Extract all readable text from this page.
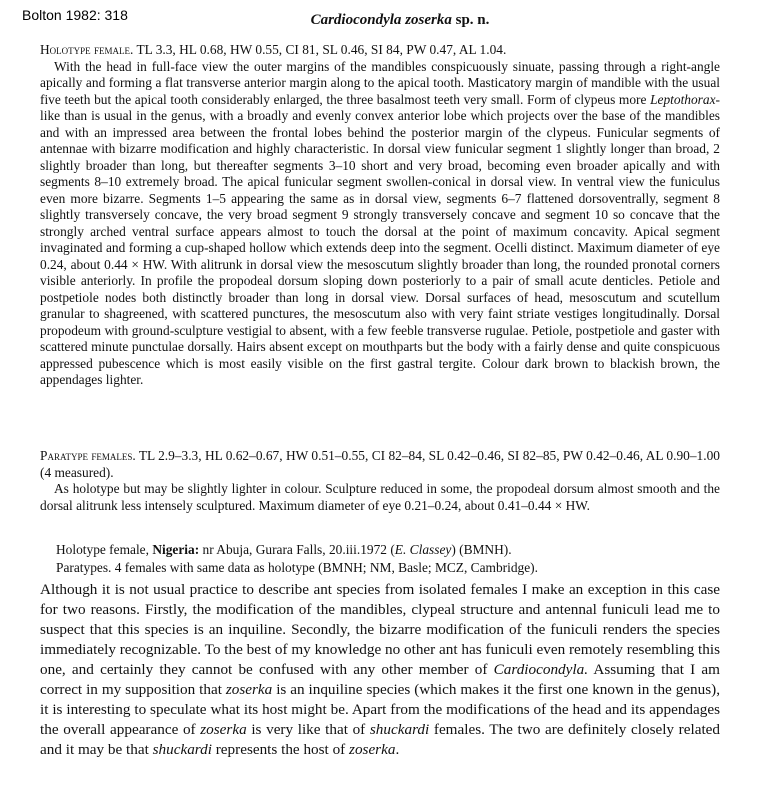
Bolton 1982: 318	Cardiocondyla zoserka sp. n.

Holotype female. TL 3.3, HL 0.68, HW 0.55, CI 81, SL 0.46, SI 84, PW 0.47, AL 1.04.

With the head in full-face view the outer margins of the mandibles conspicuously sinuate, passing through a right-angle apically and forming a flat transverse anterior margin along to the apical tooth. Masticatory margin of mandible with the usual five teeth but the apical tooth considerably enlarged, the three basalmost teeth very small. Form of clypeus more Leptothorax-like than is usual in the genus, with a broadly and evenly convex anterior lobe which projects over the base of the mandibles and with an impressed area between the frontal lobes behind the posterior margin of the clypeus. Funicular segments of antennae with bizarre modification and highly characteristic. In dorsal view funicular segment 1 slightly longer than broad, 2 slightly broader than long, but thereafter segments 3–10 short and very broad, becoming even broader apically and with segments 8–10 extremely broad. The apical funicular segment swollen-conical in dorsal view. In ventral view the funiculus even more bizarre. Segments 1–5 appearing the same as in dorsal view, segments 6–7 flattened dorsoventrally, segment 8 slightly transversely concave, the very broad segment 9 strongly transversely concave and segment 10 so concave that the strongly arched ventral surface appears almost to touch the dorsal at the point of maximum concavity. Apical segment invaginated and forming a cup-shaped hollow which extends deep into the segment. Ocelli distinct. Maximum diameter of eye 0.24, about 0.44 × HW. With alitrunk in dorsal view the mesoscutum slightly broader than long, the rounded pronotal corners visible anteriorly. In profile the propodeal dorsum sloping down posteriorly to a pair of small acute denticles. Petiole and postpetiole nodes both distinctly broader than long in dorsal view. Dorsal surfaces of head, mesoscutum and scutellum granular to shagreened, with scattered punctures, the mesoscutum also with very faint striate vestiges longitudinally. Dorsal propodeum with ground-sculpture vestigial to absent, with a few feeble transverse rugulae. Petiole, postpetiole and gaster with scattered minute punctulae dorsally. Hairs absent except on mouthparts but the body with a fairly dense and quite conspicuous appressed pubescence which is most easily visible on the first gastral tergite. Colour dark brown to blackish brown, the appendages lighter.

Paratype females. TL 2.9–3.3, HL 0.62–0.67, HW 0.51–0.55, CI 82–84, SL 0.42–0.46, SI 82–85, PW 0.42–0.46, AL 0.90–1.00 (4 measured).

As holotype but may be slightly lighter in colour. Sculpture reduced in some, the propodeal dorsum almost smooth and the dorsal alitrunk less intensely sculptured. Maximum diameter of eye 0.21–0.24, about 0.41–0.44 × HW.

Holotype female, Nigeria: nr Abuja, Gurara Falls, 20.iii.1972 (E. Classey) (BMNH).

Paratypes. 4 females with same data as holotype (BMNH; NM, Basle; MCZ, Cambridge).

Although it is not usual practice to describe ant species from isolated females I make an exception in this case for two reasons. Firstly, the modification of the mandibles, clypeal structure and antennal funiculi lead me to suspect that this species is an inquiline. Secondly, the bizarre modification of the funiculi renders the species immediately recognizable. To the best of my knowledge no other ant has funiculi even remotely resembling this one, and certainly they cannot be confused with any other member of Cardiocondyla. Assuming that I am correct in my supposition that zoserka is an inquiline species (which makes it the first one known in the genus), it is interesting to speculate what its host might be. Apart from the modifications of the head and its appendages the overall appearance of zoserka is very like that of shuckardi females. The two are definitely closely related and it may be that shuckardi represents the host of zoserka.
